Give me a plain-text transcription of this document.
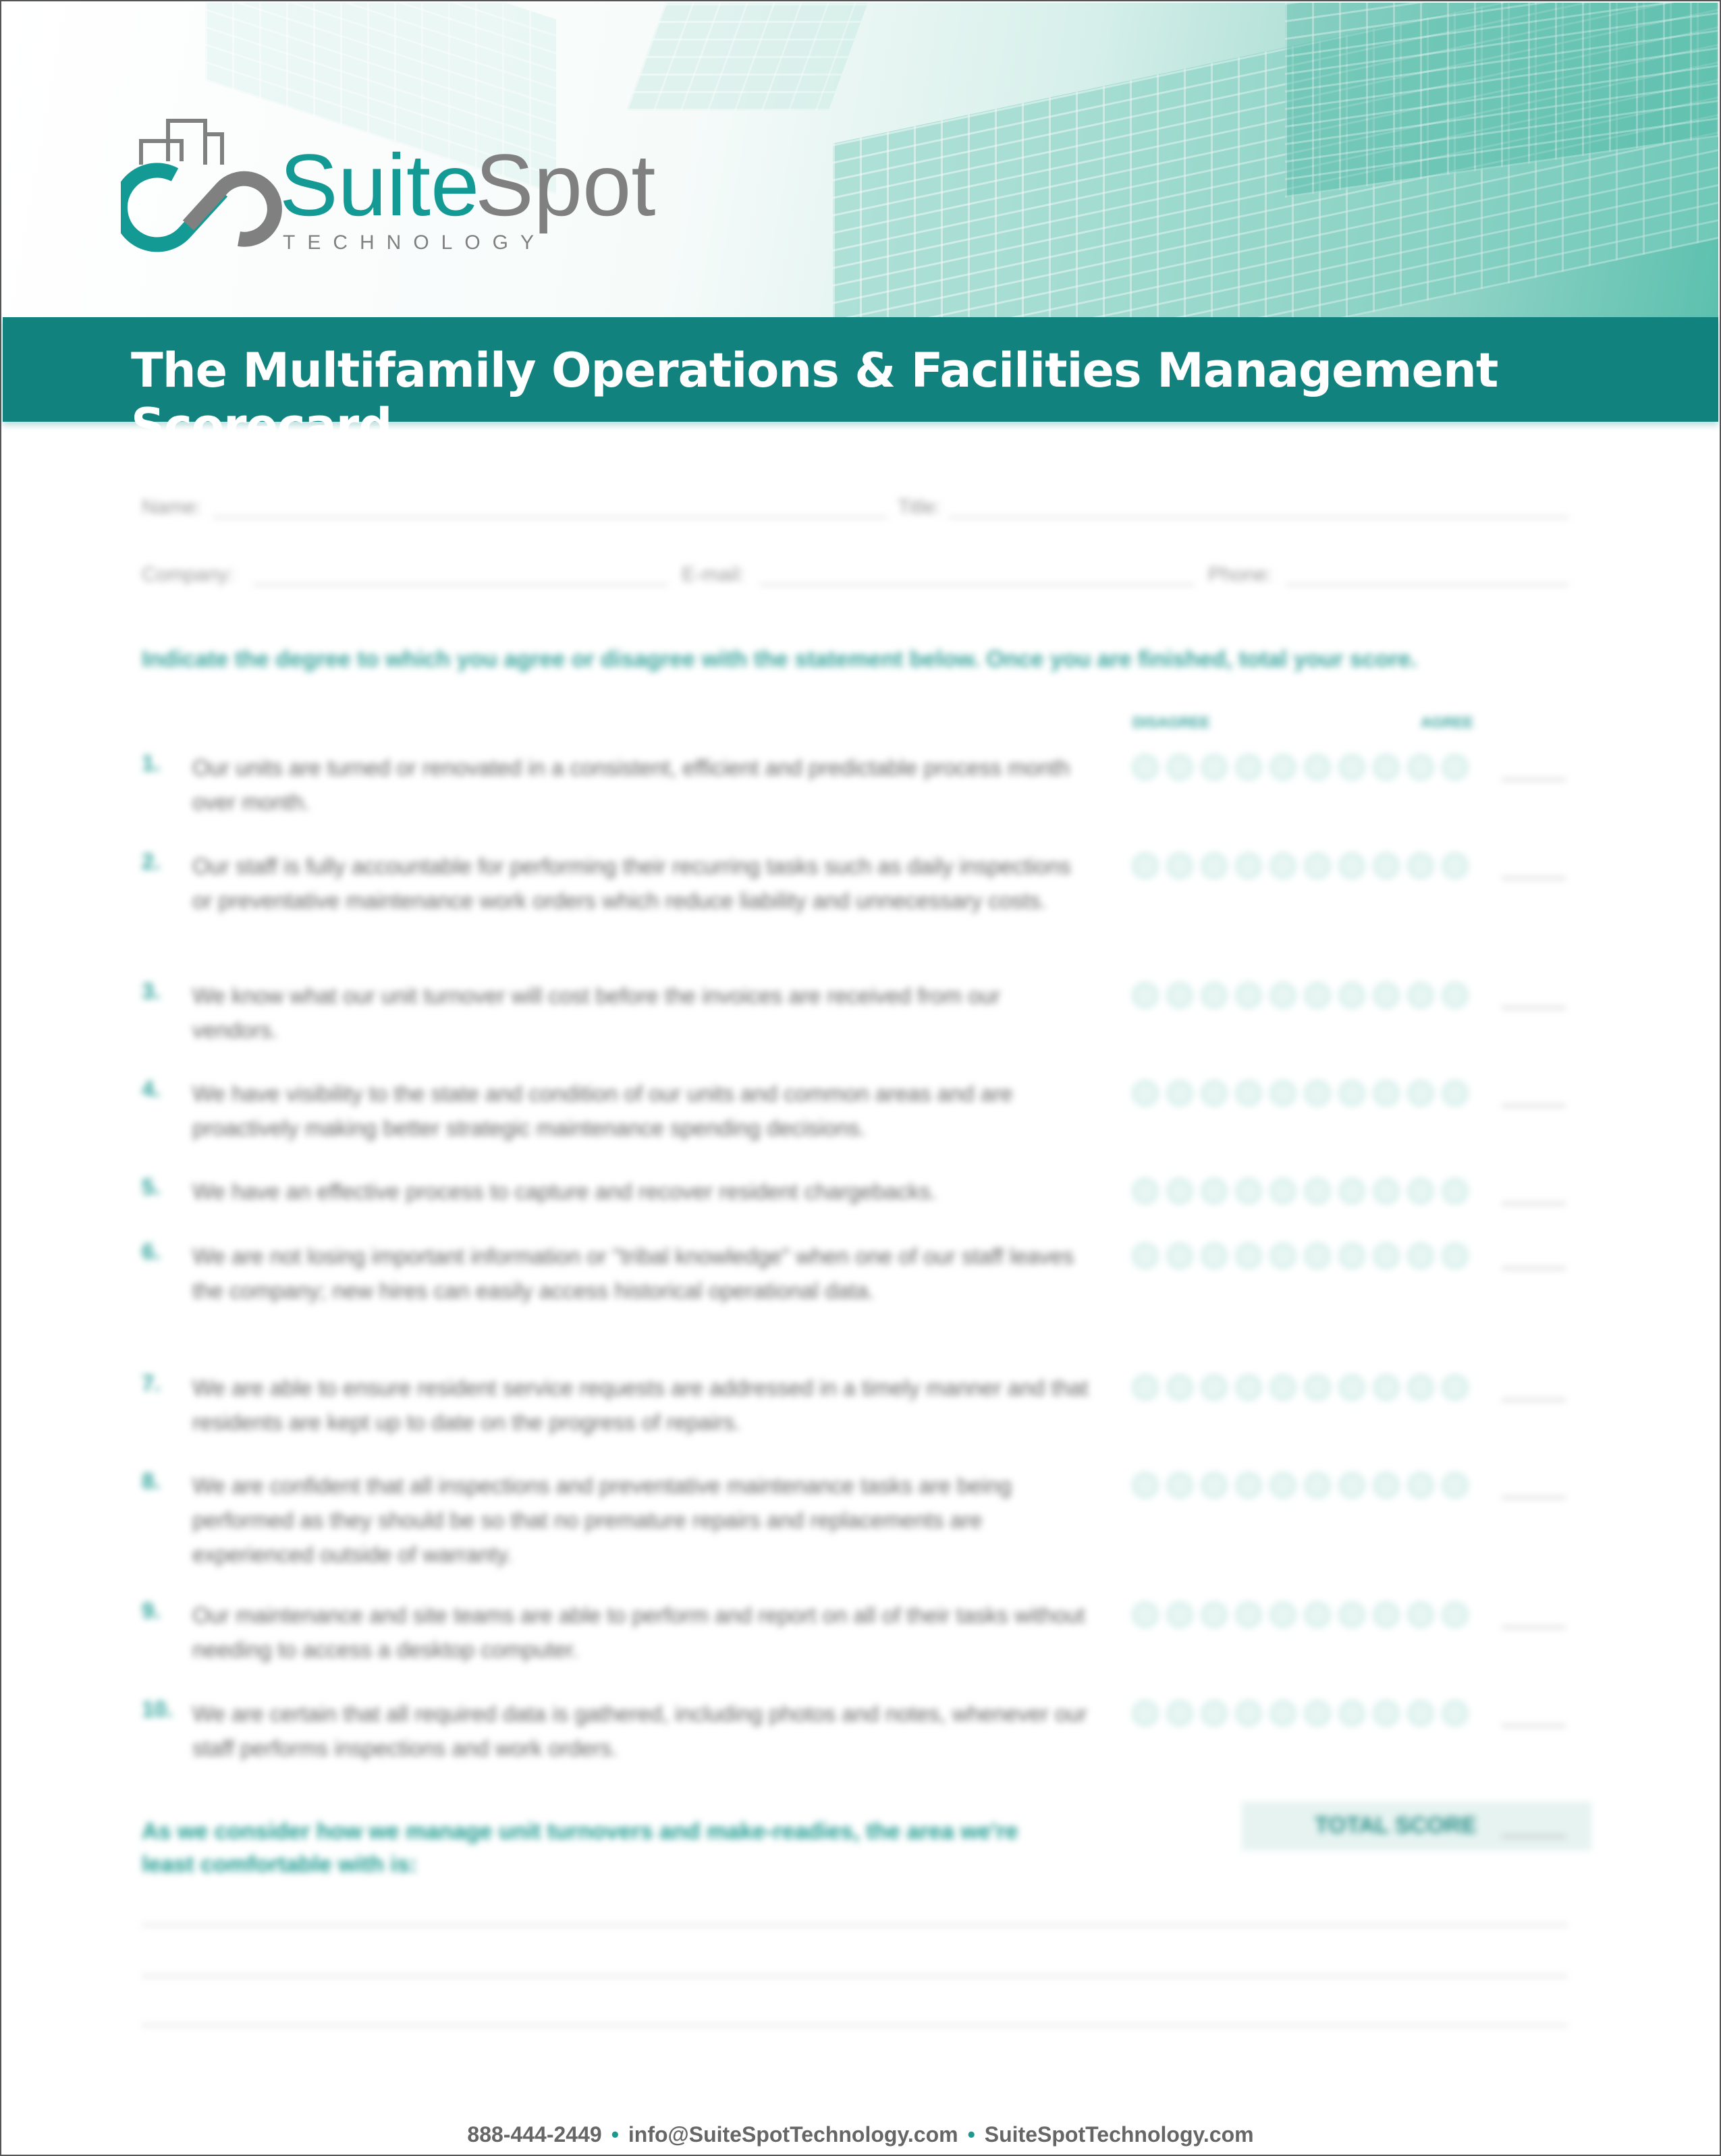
Suite
Spot
TECHNOLOGY
The Multifamily Operations & Facilities Management Scorecard
Name:	Title:
Company:	E-mail:	Phone:
Indicate the degree to which you agree or disagree with the statement below. Once you are finished, total your score.
DISAGREE	AGREE
1. Our units are turned or renovated in a consistent, efficient and predictable process month over month.
2. Our staff is fully accountable for performing their recurring tasks such as daily inspections or preventative maintenance work orders which reduce liability and unnecessary costs.
3. We know what our unit turnover will cost before the invoices are received from our vendors.
4. We have visibility to the state and condition of our units and common areas and are proactively making better strategic maintenance spending decisions.
5. We have an effective process to capture and recover resident chargebacks.
6. We are not losing important information or "tribal knowledge" when one of our staff leaves the company; new hires can easily access historical operational data.
7. We are able to ensure resident service requests are addressed in a timely manner and that residents are kept up to date on the progress of repairs.
8. We are confident that all inspections and preventative maintenance tasks are being performed as they should be so that no premature repairs and replacements are experienced outside of warranty.
9. Our maintenance and site teams are able to perform and report on all of their tasks without needing to access a desktop computer.
10. We are certain that all required data is gathered, including photos and notes, whenever our staff performs inspections and work orders.
As we consider how we manage unit turnovers and make-readies, the area we're least comfortable with is:
TOTAL SCORE
888-444-2449 • info@SuiteSpotTechnology.com • SuiteSpotTechnology.com
